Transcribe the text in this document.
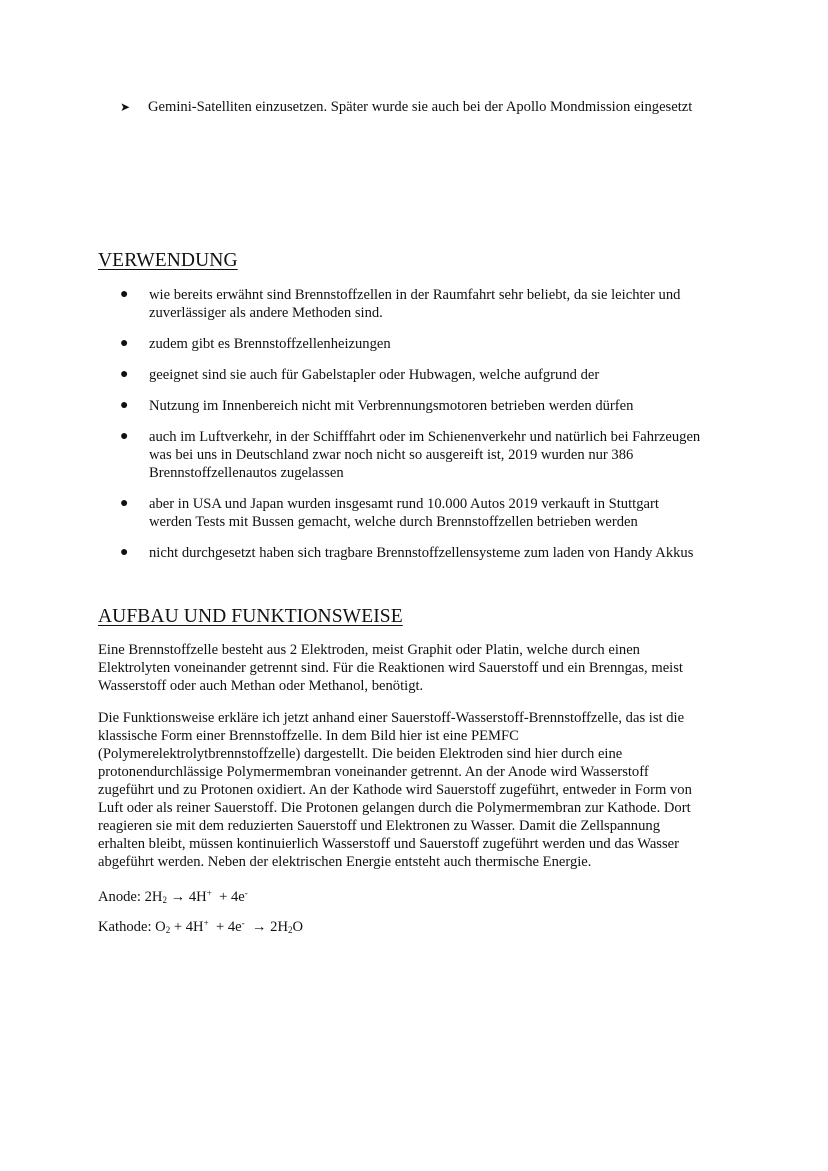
➤	Gemini-Satelliten einzusetzen. Später wurde sie auch bei der Apollo Mondmission eingesetzt
VERWENDUNG
●	wie bereits erwähnt sind Brennstoffzellen in der Raumfahrt sehr beliebt, da sie leichter und
zuverlässiger als andere Methoden sind.
●	zudem gibt es Brennstoffzellenheizungen
●	geeignet sind sie auch für Gabelstapler oder Hubwagen, welche aufgrund der
●	Nutzung im Innenbereich nicht mit Verbrennungsmotoren betrieben werden dürfen
●	auch im Luftverkehr, in der Schifffahrt oder im Schienenverkehr und natürlich bei Fahrzeugen
was bei uns in Deutschland zwar noch nicht so ausgereift ist, 2019 wurden nur 386
Brennstoffzellenautos zugelassen
●	aber in USA und Japan wurden insgesamt rund 10.000 Autos 2019 verkauft in Stuttgart
werden Tests mit Bussen gemacht, welche durch Brennstoffzellen betrieben werden
●	nicht durchgesetzt haben sich tragbare Brennstoffzellensysteme zum laden von Handy Akkus
AUFBAU UND FUNKTIONSWEISE

Eine Brennstoffzelle besteht aus 2 Elektroden, meist Graphit oder Platin, welche durch einen
Elektrolyten voneinander getrennt sind. Für die Reaktionen wird Sauerstoff und ein Brenngas, meist
Wasserstoff oder auch Methan oder Methanol, benötigt.

Die Funktionsweise erkläre ich jetzt anhand einer Sauerstoff-Wasserstoff-Brennstoffzelle, das ist die
klassische Form einer Brennstoffzelle. In dem Bild hier ist eine PEMFC
(Polymerelektrolytbrennstoffzelle) dargestellt. Die beiden Elektroden sind hier durch eine
protonendurchlässige Polymermembran voneinander getrennt. An der Anode wird Wasserstoff
zugeführt und zu Protonen oxidiert. An der Kathode wird Sauerstoff zugeführt, entweder in Form von
Luft oder als reiner Sauerstoff. Die Protonen gelangen durch die Polymermembran zur Kathode. Dort
reagieren sie mit dem reduzierten Sauerstoff und Elektronen zu Wasser. Damit die Zellspannung
erhalten bleibt, müssen kontinuierlich Wasserstoff und Sauerstoff zugeführt werden und das Wasser
abgeführt werden. Neben der elektrischen Energie entsteht auch thermische Energie.

Anode: $2H_2 \to 4H^+ + 4e^-$

Kathode: $O_2 + 4H^+ + 4e^- \to 2H_2O$
